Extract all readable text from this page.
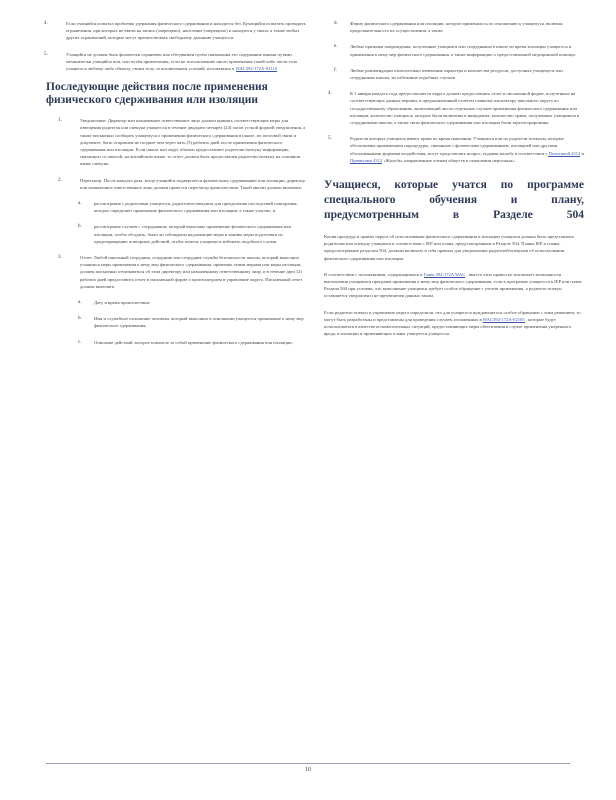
4.	Если учащийся испытал проблемы удержания физического сдерживания и находится без. Кучащийся испытать проводить ограничения, при которых не ввели на запись (запрещено), население (запрещено) и находится у своих, а также любых других ограничений, которые могут препятствовать свободному дыханию учащегося.
5.	Учащийся не должен быть физически ограничен или обездвижен путём связывания его содержание иными путями механически учащийся или, или путём привлечения, если не использование иного применения такой-либо части тела учащегося любому-либо объекту, своим телу, за исключением условий, изложенных в WAC392-172A-02110
Последующие действия после применения физического сдерживания или изоляции
1.	Уведомление. Директор или назначенное ответственное лицо должен принять соответствующие меры для извещения родителя или опекуна учащегося в течение двадцати четырёх (24) часов устной формой уведомления, а также письменно сообщить учащемуся о применении физического сдерживания в школе, по почтовой связи и документе, быть отправлен не позднее чем через пять (5) рабочих дней после применения физического сдерживания или изоляции. Если школа или округ обычно предоставляет родителю/опекуну информацию, связанную со школой, на английском языке, то отчет должен быть предоставлен родителю/опекуну на основном языке опекуна.
2.	Пересмотр. После каждого раза, когда учащийся подвергается физическому сдерживанию или изоляции, директор или назначенное ответственное лицо должен провести пересмотр происшествия. Такой анализ должен включать:
a.	рассмотрение с родителями учащегося, родителем-опекуном для преодоления последствий повторения, которое определяет применение физического сдерживания или изоляции, а также участие, и
b.	рассмотрение случаев с сотрудником, который выполнял применение физического сдерживания или изоляции, чтобы обсудить, были ли соблюдены надлежащие меры и каковы меры подготовки по предотвращению повторных действий, чтобы помочь учащемуся избежать подобного случая.
3.	Отчет. Любой школьный сотрудник, сотрудник или сотрудник службы безопасности школы, который выполнил учащимся меры применения к нему мер физического сдерживания, применял этими мерами или меры изоляции, должен письменно отчитываться об этом директору или назначенному ответственному лицу, и в течение двух (2) рабочих дней предоставить отчет в письменной форме о произошедшем в управление округа. Письменный отчет должен включать:
a.	Дату и время происшествия;
b.	Имя и служебное положение человека, который выполнил в отношении учащегося применение к нему мер физического сдерживания;
c.	Описание действий, которое повлекло за собой применение физического сдерживания или изоляции;
d.	Форму физического сдерживания или изоляции, которое применялось по отношению к учащемуся, включая продолжительность их осуществления, а также
e.	Любые признаки повреждения, полученные учащимся или сотрудником в школе во время изоляции учащегося и применения к нему мер физического сдерживания, а также информацию о предоставленной медицинской помощи.
f.	Любые рекомендации относительно изменения характера и количества ресурсов, доступных учащемуся или сотрудникам школы, во избежание подобных случаев.
4.	К 1 января каждого года предоставляется округа должен предоставлять отчет в письменной форме, полученные на соответствующих данных вершин, в предназначенный отчётом главному инспектору школьного округа по государственному образованию, включающий число отдельных случаев применения физического сдерживания или изоляции, количество учащихся, которые были включены в инциденты; количество травм, полученных учащимися и сотрудниками школы, а также типы физического сдерживания или изоляции были зарегистрированы.
5.	Родители которых учащихся имеют право во время наказания. Учащимся или их родители-опекуны, которые обеспокоены применением ипроцедуры, связанных с физическим сдерживанием, изоляцией или другими обоснованными формами воздействия, могут представлять вопрос, подавая жалобу в соответствии с Политикой 4312 и Правилами 4312 «Жалобы, направленные членам обществ в отношении персонала».
Учащиеся, которые учатся по программе специального обучения и плану, предусмотренным в Разделе 504
Копия процедур и правил округа об использовании физического сдерживания и изоляции учащихся должна быть представлена родителям или опекуну учащимся в соответствии с IEP или плана, предусмотренным в Разделе 504. Планы IEP и планы, предусмотренные разделом 504, должны включать в себя правила для уведомления родителей/опекунов об использовании физического сдерживания или изоляции.
В соответствии с положениями, содержащимися в Главе 392-172A WAC , вместо этих правил не исключает возможности выполнения учащимися программ применения к нему мер физического сдерживания, если в программе учащегося в IEP или плане Раздела 504 при условии, что выполнение учащимся требует особое обращение с учетом применения, а родитель-опекун оставляется уведомлен и не преувеличен данных таким.
Если родитель-опекун и управление округа определили, что для учащегося нуждающегося особое обращение с этим решением, то могут быть разработаны и представлены для проведения случаев, изложенных в WAC392-172A-02105 , которые будут использоваться в качестве вспомогательных ситуаций, предоставляющих меры обеспечения в случае применения умеренного вреда, в изоляции и применяющих планы учащегося учащегося.
10
